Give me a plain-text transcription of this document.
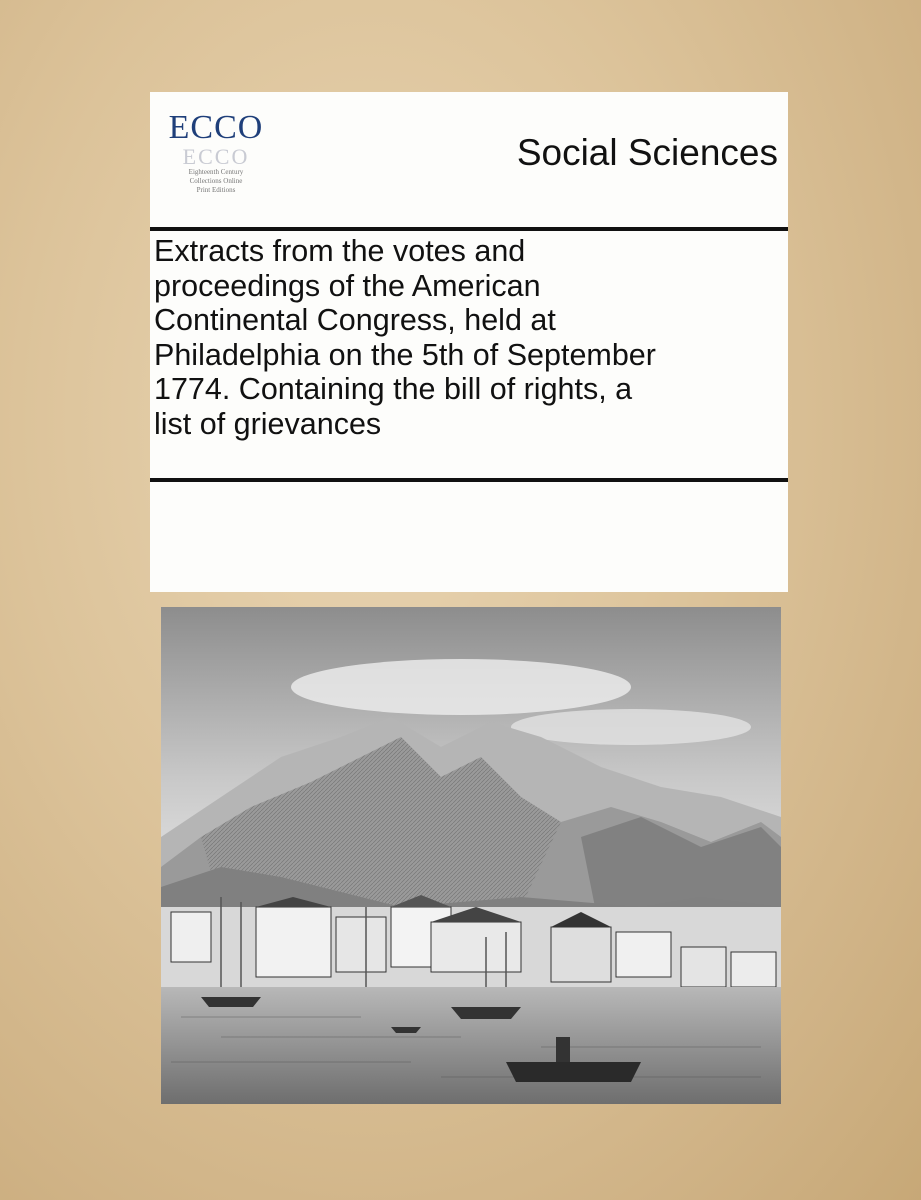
ECCO
ECCO
Eighteenth Century
Collections Online
Print Editions
Social Sciences
Extracts from the votes and
proceedings of the American
Continental Congress, held at
Philadelphia on the 5th of September
1774. Containing the bill of rights, a
list of grievances
